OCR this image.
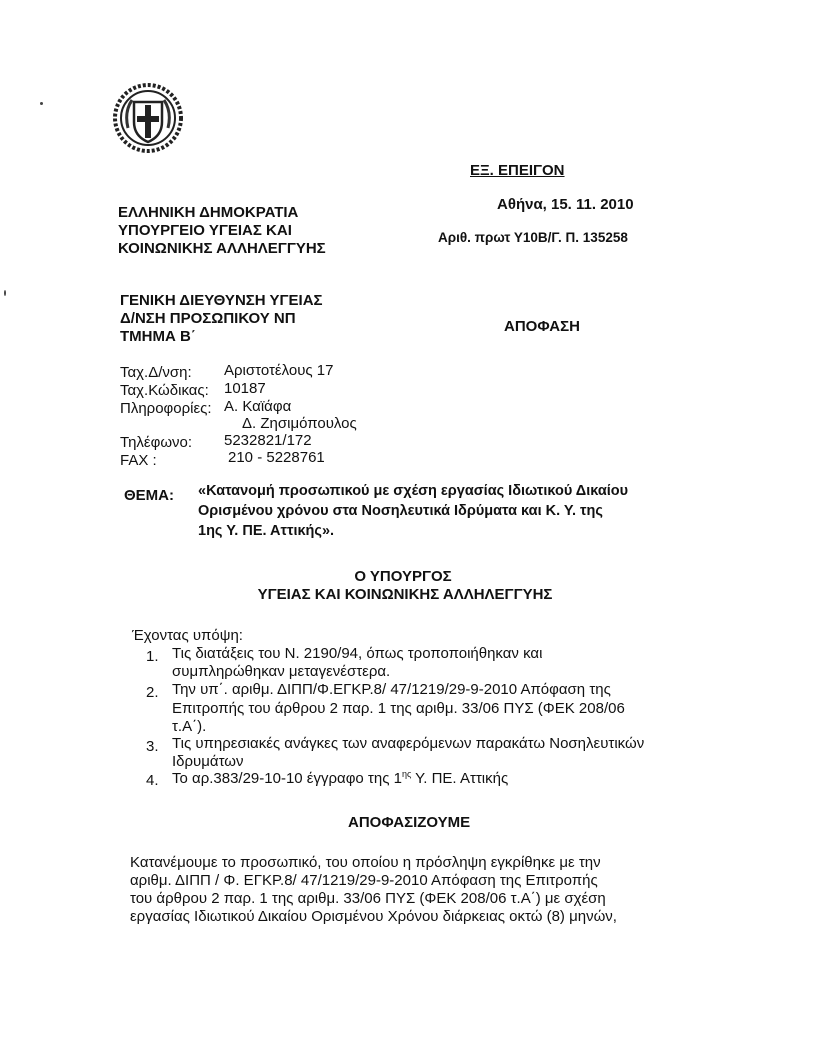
ΕΞ. ΕΠΕΙΓΟΝ
Αθήνα, 15. 11. 2010
Αριθ. πρωτ Υ10Β/Γ. Π. 135258
ΕΛΛΗΝΙΚΗ ΔΗΜΟΚΡΑΤΙΑ
ΥΠΟΥΡΓΕΙΟ ΥΓΕΙΑΣ ΚΑΙ
ΚΟΙΝΩΝΙΚΗΣ ΑΛΛΗΛΕΓΓΥΗΣ
ΓΕΝΙΚΗ ΔΙΕΥΘΥΝΣΗ ΥΓΕΙΑΣ
Δ/ΝΣΗ ΠΡΟΣΩΠΙΚΟΥ ΝΠ
ΤΜΗΜΑ Β΄
ΑΠΟΦΑΣΗ
Ταχ.Δ/νση: Αριστοτέλους 17
Ταχ.Κώδικας: 10187
Πληροφορίες: Α. Καϊάφα
Δ. Ζησιμόπουλος
Τηλέφωνο: 5232821/172
FAX :	210 - 5228761
ΘΕΜΑ: «Κατανομή προσωπικού με σχέση εργασίας Ιδιωτικού Δικαίου
Ορισμένου χρόνου στα Νοσηλευτικά Ιδρύματα και Κ. Υ. της
1ης Υ. ΠΕ. Αττικής».
Ο ΥΠΟΥΡΓΟΣ
ΥΓΕΙΑΣ ΚΑΙ ΚΟΙΝΩΝΙΚΗΣ ΑΛΛΗΛΕΓΓΥΗΣ
Έχοντας υπόψη:
1. Τις διατάξεις του Ν. 2190/94, όπως τροποποιήθηκαν και
συμπληρώθηκαν μεταγενέστερα.
2. Την υπ΄. αριθμ. ΔΙΠΠ/Φ.ΕΓΚΡ.8/ 47/1219/29-9-2010 Απόφαση της
Επιτροπής του άρθρου 2 παρ. 1 της αριθμ. 33/06 ΠΥΣ (ΦΕΚ 208/06
τ.Α΄).
3. Τις υπηρεσιακές ανάγκες των αναφερόμενων παρακάτω Νοσηλευτικών
Ιδρυμάτων
4. Το αρ.383/29-10-10 έγγραφο της $1^{\eta\varsigma}$ Υ. ΠΕ. Αττικής
ΑΠΟΦΑΣΙΖΟΥΜΕ
Κατανέμουμε το προσωπικό, του οποίου η πρόσληψη εγκρίθηκε με την
αριθμ. ΔΙΠΠ / Φ. ΕΓΚΡ.8/ 47/1219/29-9-2010 Απόφαση της Επιτροπής
του άρθρου 2 παρ. 1 της αριθμ. 33/06 ΠΥΣ (ΦΕΚ 208/06 τ.Α΄) με σχέση
εργασίας Ιδιωτικού Δικαίου Ορισμένου Χρόνου διάρκειας οκτώ (8) μηνών,
